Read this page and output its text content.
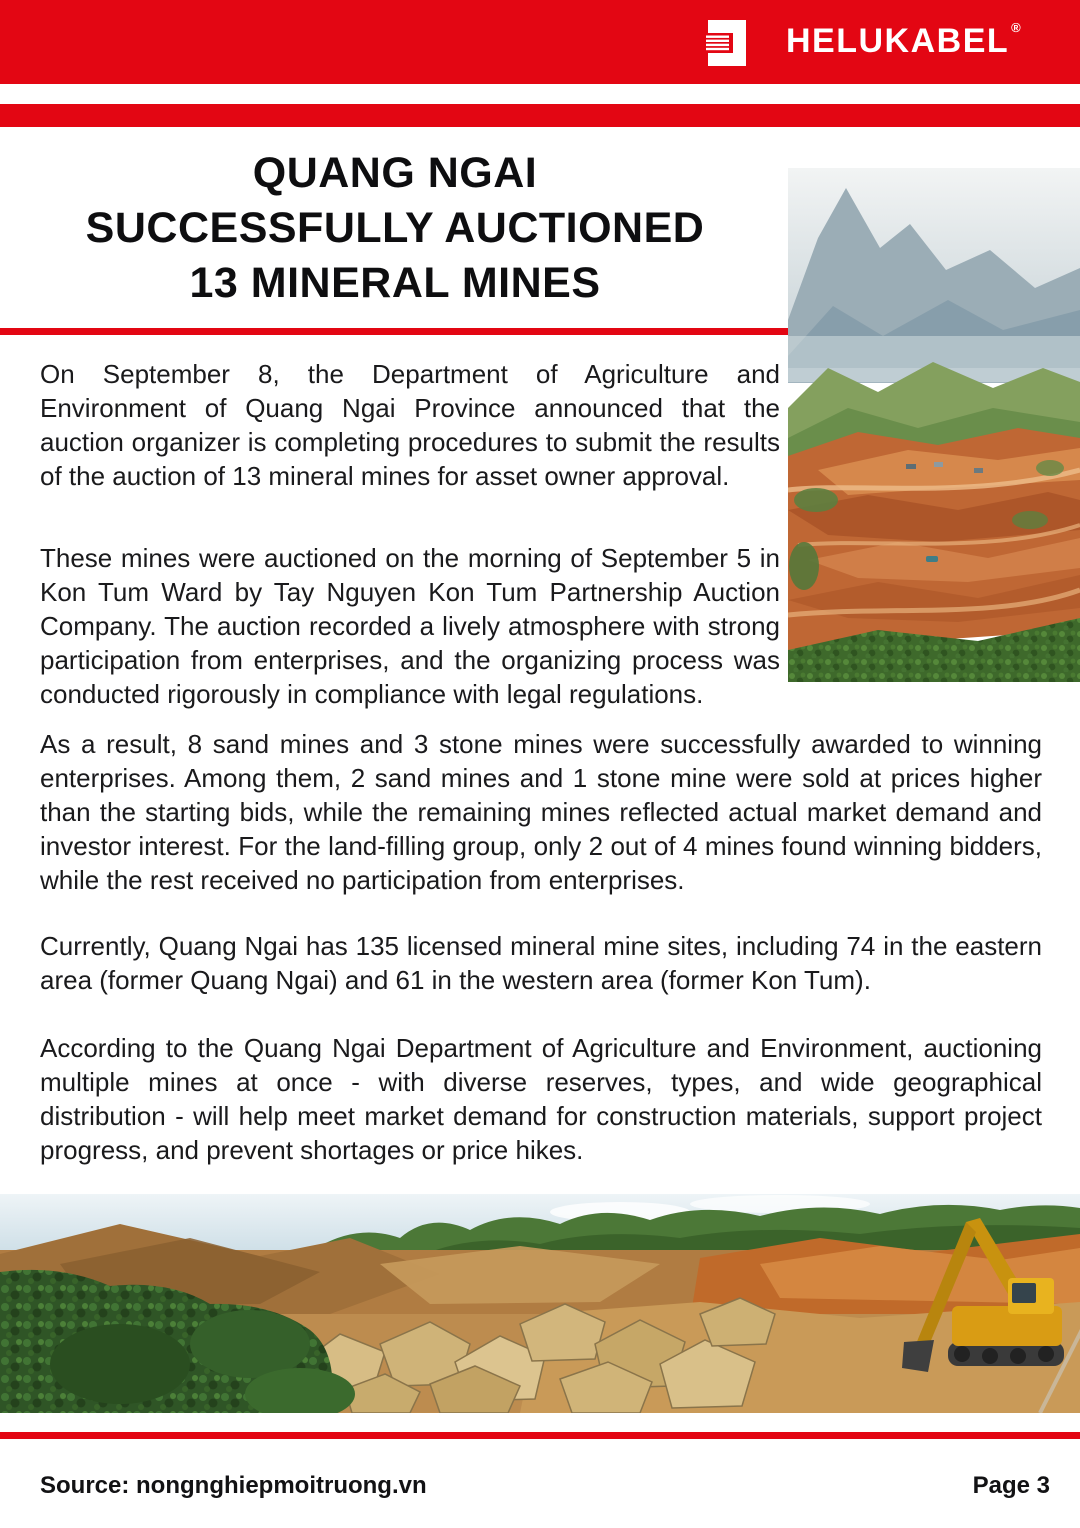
HELUKABEL ®
QUANG NGAI
SUCCESSFULLY AUCTIONED
13 MINERAL MINES

On September 8, the Department of Agriculture and Environment of Quang Ngai Province announced that the auction organizer is completing procedures to submit the results of the auction of 13 mineral mines for asset owner approval.

These mines were auctioned on the morning of September 5 in Kon Tum Ward by Tay Nguyen Kon Tum Partnership Auction Company. The auction recorded a lively atmosphere with strong participation from enterprises, and the organizing process was conducted rigorously in compliance with legal regulations.

As a result, 8 sand mines and 3 stone mines were successfully awarded to winning enterprises. Among them, 2 sand mines and 1 stone mine were sold at prices higher than the starting bids, while the remaining mines reflected actual market demand and investor interest. For the land-filling group, only 2 out of 4 mines found winning bidders, while the rest received no participation from enterprises.

Currently, Quang Ngai has 135 licensed mineral mine sites, including 74 in the eastern area (former Quang Ngai) and 61 in the western area (former Kon Tum).

According to the Quang Ngai Department of Agriculture and Environment, auctioning multiple mines at once - with diverse reserves, types, and wide geographical distribution - will help meet market demand for construction materials, support project progress, and prevent shortages or price hikes.

Source: nongnghiepmoitruong.vn	Page 3
